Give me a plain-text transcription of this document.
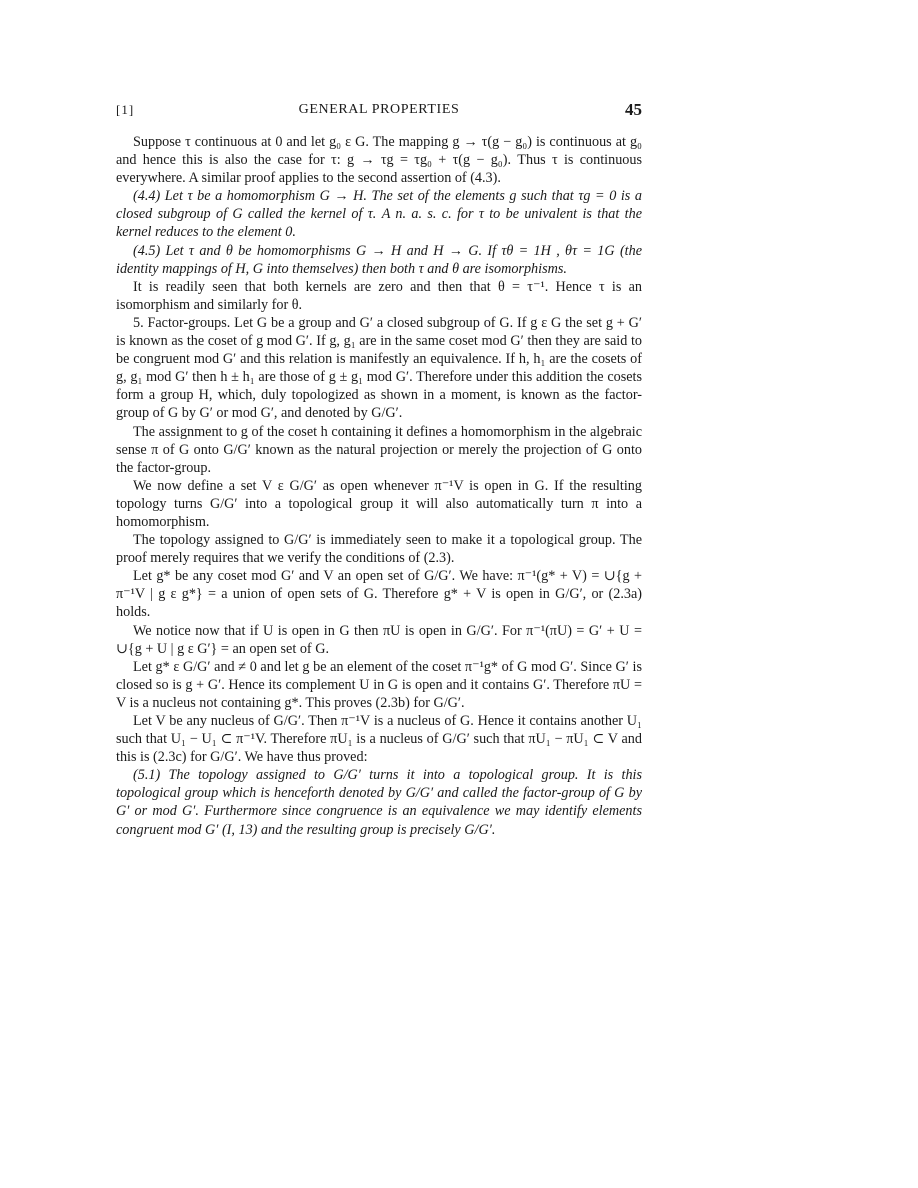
[1]	GENERAL PROPERTIES	45

Suppose τ continuous at 0 and let g₀ ε G. The mapping g → τ(g − g₀) is continuous at g₀ and hence this is also the case for τ: g → τg = τg₀ + τ(g − g₀). Thus τ is continuous everywhere. A similar proof applies to the second assertion of (4.3).

(4.4) Let τ be a homomorphism G → H. The set of the elements g such that τg = 0 is a closed subgroup of G called the kernel of τ. A n. a. s. c. for τ to be univalent is that the kernel reduces to the element 0.

(4.5) Let τ and θ be homomorphisms G → H and H → G. If τθ = 1H , θτ = 1G (the identity mappings of H, G into themselves) then both τ and θ are isomorphisms.

It is readily seen that both kernels are zero and then that θ = τ⁻¹. Hence τ is an isomorphism and similarly for θ.

5. Factor-groups. Let G be a group and G′ a closed subgroup of G. If g ε G the set g + G′ is known as the coset of g mod G′. If g, g₁ are in the same coset mod G′ then they are said to be congruent mod G′ and this relation is manifestly an equivalence. If h, h₁ are the cosets of g, g₁ mod G′ then h ± h₁ are those of g ± g₁ mod G′. Therefore under this addition the cosets form a group H, which, duly topologized as shown in a moment, is known as the factor-group of G by G′ or mod G′, and denoted by G/G′.

The assignment to g of the coset h containing it defines a homomorphism in the algebraic sense π of G onto G/G′ known as the natural projection or merely the projection of G onto the factor-group.

We now define a set V ε G/G′ as open whenever π⁻¹V is open in G. If the resulting topology turns G/G′ into a topological group it will also automatically turn π into a homomorphism.

The topology assigned to G/G′ is immediately seen to make it a topological group. The proof merely requires that we verify the conditions of (2.3).

Let g* be any coset mod G′ and V an open set of G/G′. We have: π⁻¹(g* + V) = ∪{g + π⁻¹V | g ε g*} = a union of open sets of G. Therefore g* + V is open in G/G′, or (2.3a) holds.

We notice now that if U is open in G then πU is open in G/G′. For π⁻¹(πU) = G′ + U = ∪{g + U | g ε G′} = an open set of G.

Let g* ε G/G′ and ≠ 0 and let g be an element of the coset π⁻¹g* of G mod G′. Since G′ is closed so is g + G′. Hence its complement U in G is open and it contains G′. Therefore πU = V is a nucleus not containing g*. This proves (2.3b) for G/G′.

Let V be any nucleus of G/G′. Then π⁻¹V is a nucleus of G. Hence it contains another U₁ such that U₁ − U₁ ⊂ π⁻¹V. Therefore πU₁ is a nucleus of G/G′ such that πU₁ − πU₁ ⊂ V and this is (2.3c) for G/G′. We have thus proved:

(5.1) The topology assigned to G/G′ turns it into a topological group. It is this topological group which is henceforth denoted by G/G′ and called the factor-group of G by G′ or mod G′. Furthermore since congruence is an equivalence we may identify elements congruent mod G′ (I, 13) and the resulting group is precisely G/G′.
